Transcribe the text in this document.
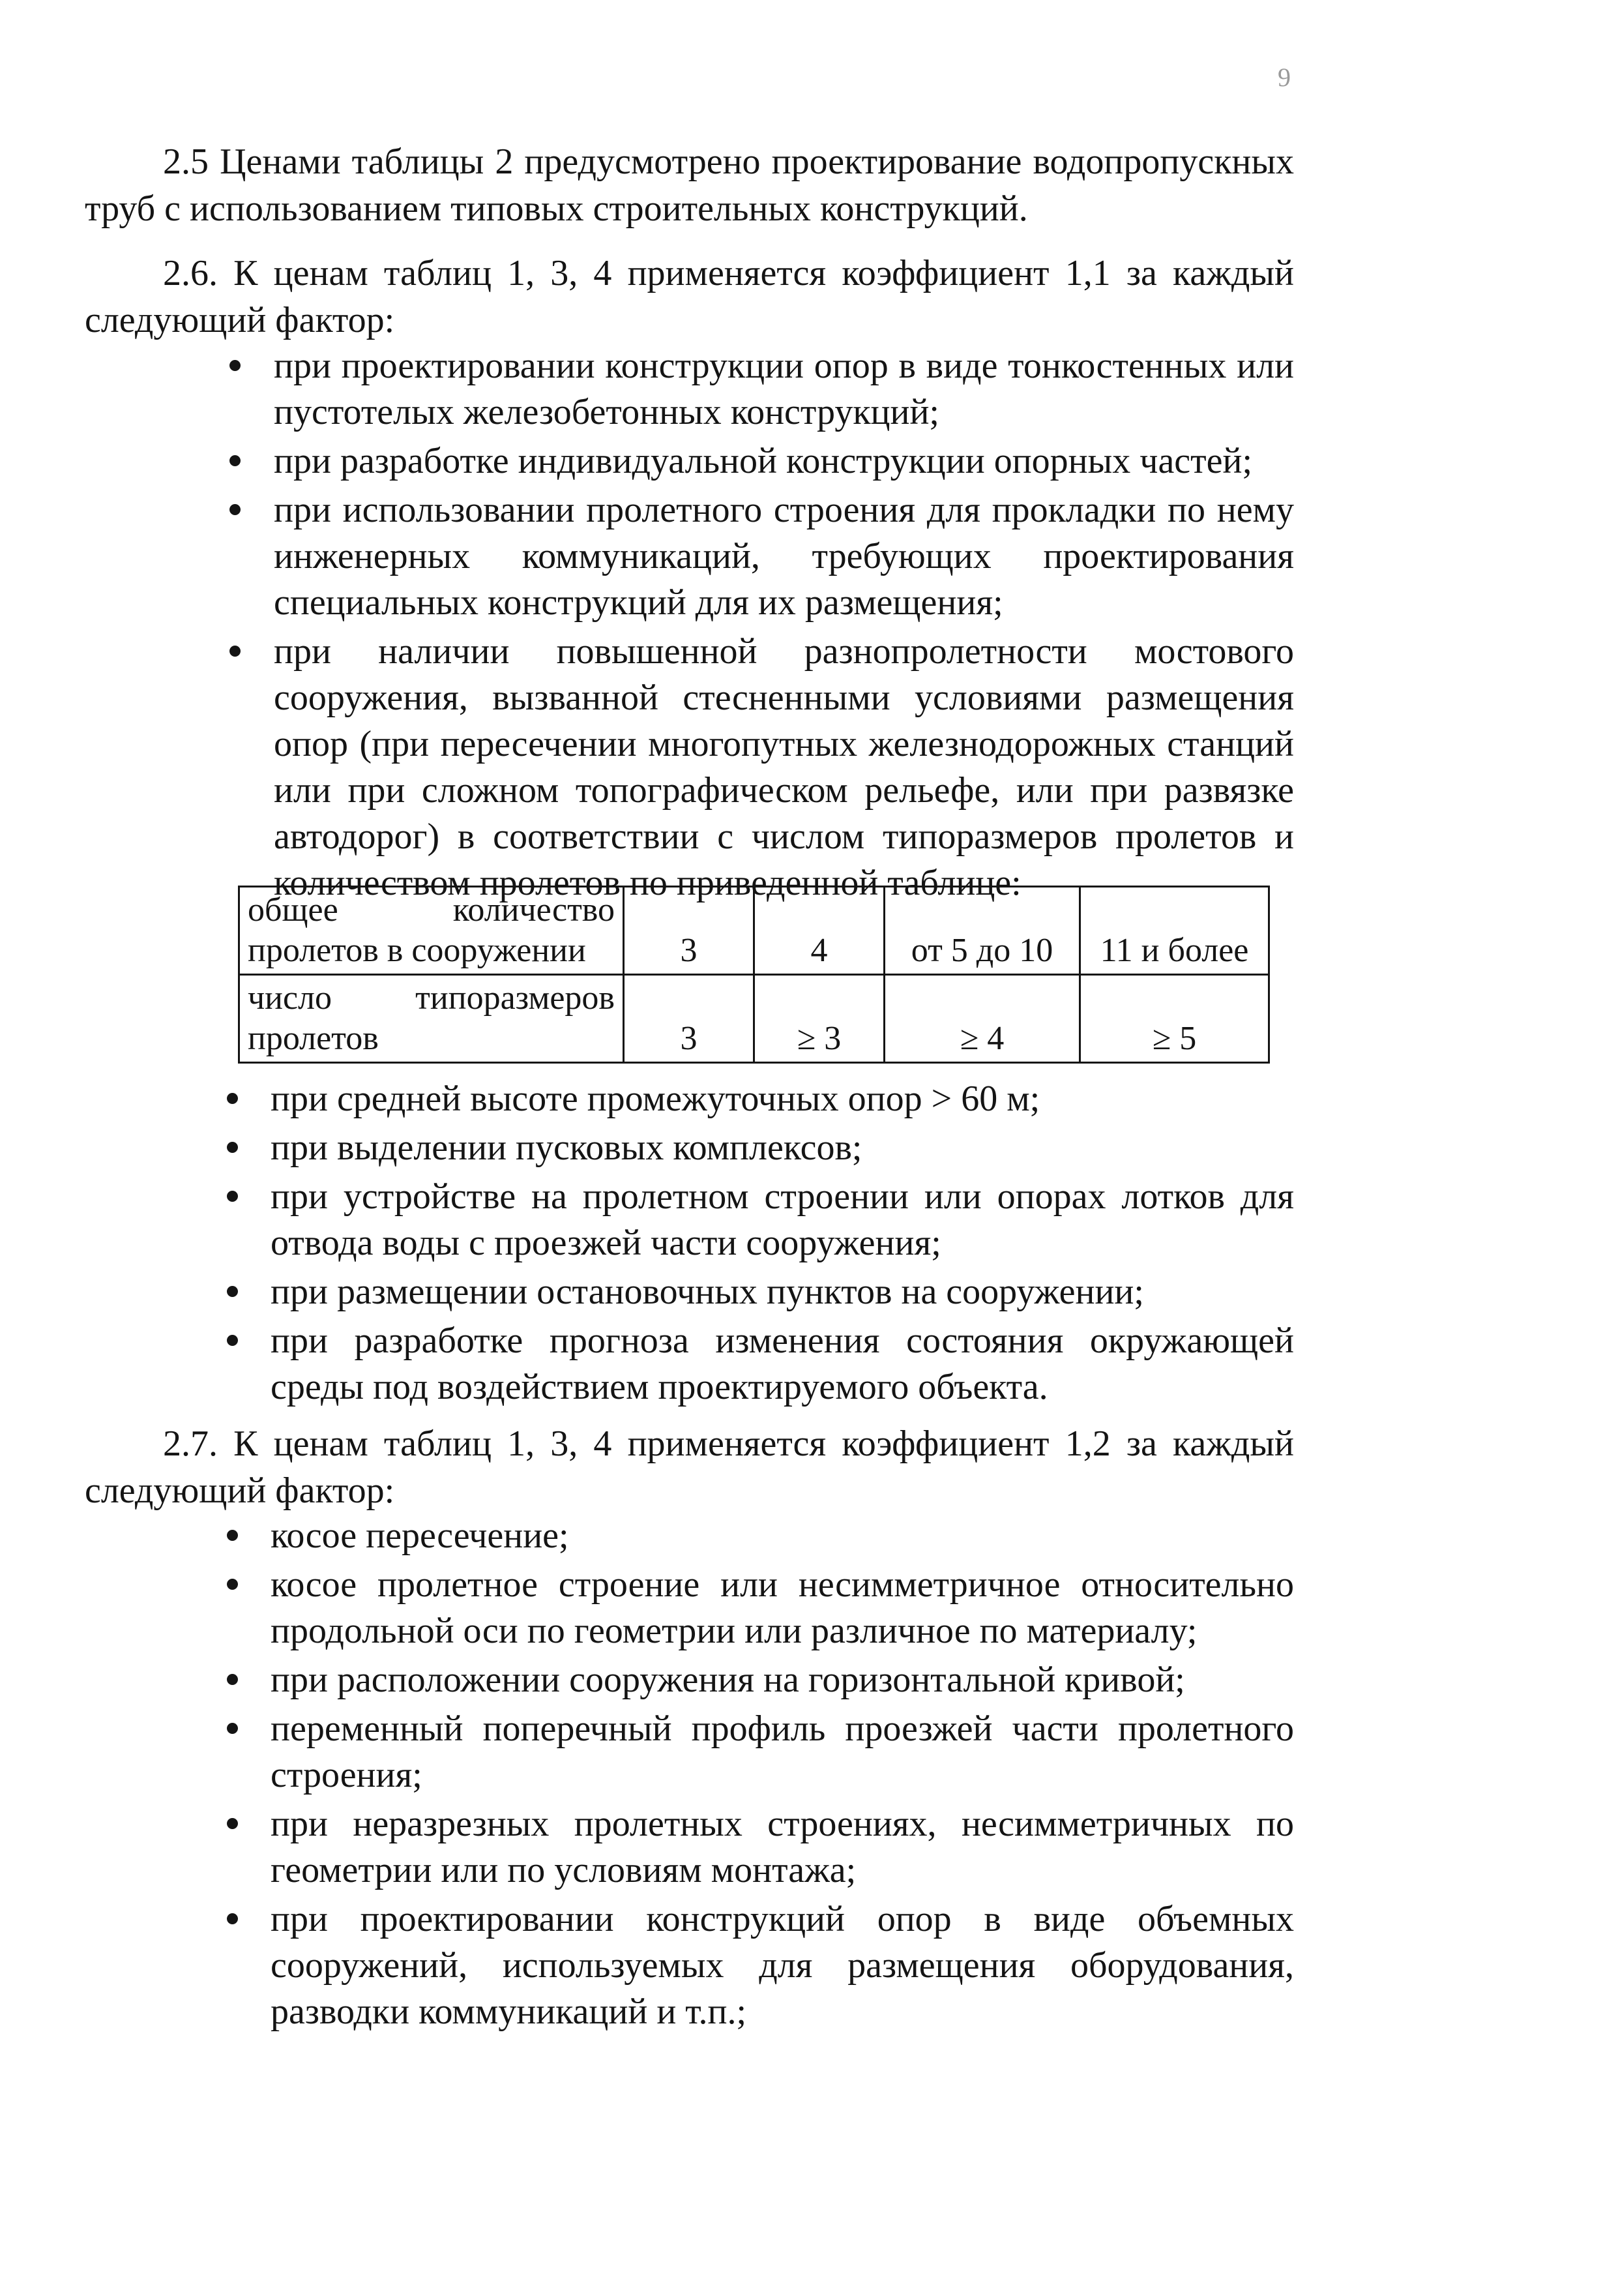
9

2.5 Ценами таблицы 2 предусмотрено проектирование водопропускных труб с использованием типовых строительных конструкций.

2.6. К ценам таблиц 1, 3, 4 применяется коэффициент 1,1 за каждый следующий фактор:

при проектировании конструкции опор в виде тонкостенных или пустотелых железобетонных конструкций;
при разработке индивидуальной конструкции опорных частей;
при использовании пролетного строения для прокладки по нему инженерных коммуникаций, требующих проектирования специальных конструкций для их размещения;
при наличии повышенной разнопролетности мостового сооружения, вызванной стесненными условиями размещения опор (при пересечении многопутных железнодорожных станций или при сложном топографическом рельефе, или при развязке автодорог) в соответствии с числом типоразмеров пролетов и количеством пролетов по приведенной таблице:
общее количество пролетов в сооружении	3	4	от 5 до 10	11 и более
число типоразмеров пролетов	3	≥ 3	≥ 4	≥ 5
при средней высоте промежуточных опор > 60 м;
при выделении пусковых комплексов;
при устройстве на пролетном строении или опорах лотков для отвода воды с проезжей части сооружения;
при размещении остановочных пунктов на сооружении;
при разработке прогноза изменения состояния окружающей среды под воздействием проектируемого объекта.

2.7. К ценам таблиц 1, 3, 4 применяется коэффициент 1,2 за каждый следующий фактор:

косое пересечение;
косое пролетное строение или несимметричное относительно продольной оси по геометрии или различное по материалу;
при расположении сооружения на горизонтальной кривой;
переменный поперечный профиль проезжей части пролетного строения;
при неразрезных пролетных строениях, несимметричных по геометрии или по условиям монтажа;
при проектировании конструкций опор в виде объемных сооружений, используемых для размещения оборудования, разводки коммуникаций и т.п.;
